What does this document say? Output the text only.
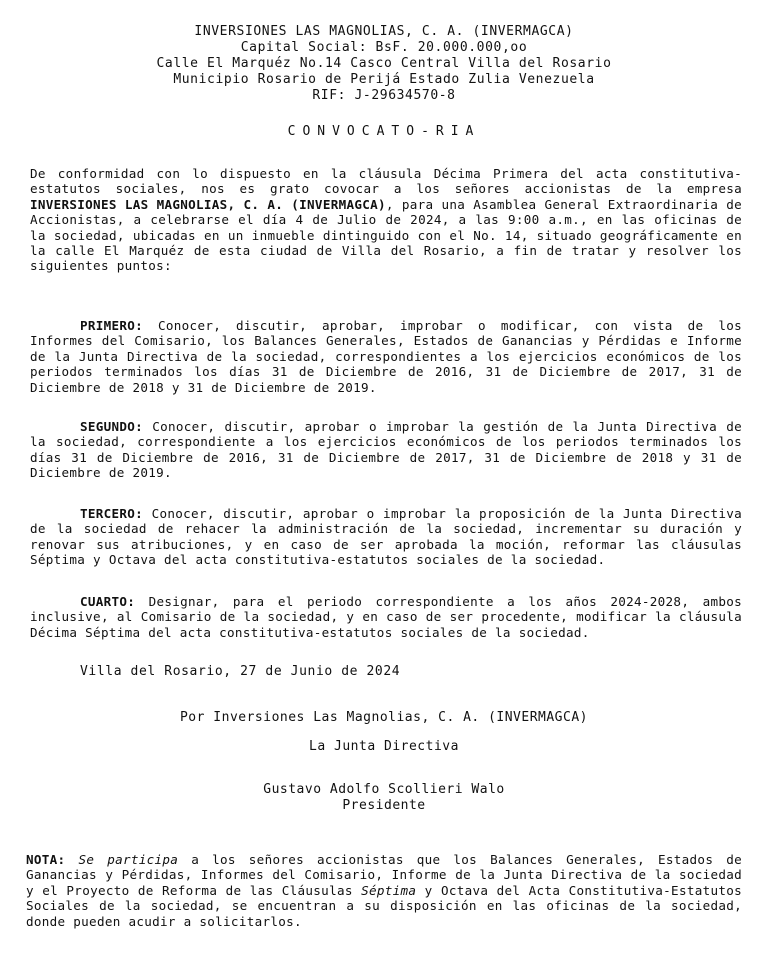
INVERSIONES LAS MAGNOLIAS, C. A. (INVERMAGCA)
Capital Social: BsF. 20.000.000,oo
Calle El Marquéz No.14 Casco Central Villa del Rosario
Municipio Rosario de Perijá Estado Zulia Venezuela
RIF: J-29634570-8
CONVOCATO-RIA
De conformidad con lo dispuesto en la cláusula Décima Primera del acta constitutiva-estatutos sociales, nos es grato covocar a los señores accionistas de la empresa INVERSIONES LAS MAGNOLIAS, C. A. (INVERMAGCA), para una Asamblea General Extraordinaria de Accionistas, a celebrarse el día 4 de Julio de 2024, a las 9:00 a.m., en las oficinas de la sociedad, ubicadas en un inmueble dintinguido con el No. 14, situado geográficamente en la calle El Marquéz de esta ciudad de Villa del Rosario, a fin de tratar y resolver los siguientes puntos:
PRIMERO: Conocer, discutir, aprobar, improbar o modificar, con vista de los Informes del Comisario, los Balances Generales, Estados de Ganancias y Pérdidas e Informe de la Junta Directiva de la sociedad, correspondientes a los ejercicios económicos de los periodos terminados los días 31 de Diciembre de 2016, 31 de Diciembre de 2017, 31 de Diciembre de 2018 y 31 de Diciembre de 2019.
SEGUNDO: Conocer, discutir, aprobar o improbar la gestión de la Junta Directiva de la sociedad, correspondiente a los ejercicios económicos de los periodos terminados los días 31 de Diciembre de 2016, 31 de Diciembre de 2017, 31 de Diciembre de 2018 y 31 de Diciembre de 2019.
TERCERO: Conocer, discutir, aprobar o improbar la proposición de la Junta Directiva de la sociedad de rehacer la administración de la sociedad, incrementar su duración y renovar sus atribuciones, y en caso de ser aprobada la moción, reformar las cláusulas Séptima y Octava del acta constitutiva-estatutos sociales de la sociedad.
CUARTO: Designar, para el periodo correspondiente a los años 2024-2028, ambos inclusive, al Comisario de la sociedad, y en caso de ser procedente, modificar la cláusula Décima Séptima del acta constitutiva-estatutos sociales de la sociedad.
Villa del Rosario, 27 de Junio de 2024
Por Inversiones Las Magnolias, C. A. (INVERMAGCA)
La Junta Directiva
Gustavo Adolfo Scollieri Walo
Presidente
NOTA: Se participa a los señores accionistas que los Balances Generales, Estados de Ganancias y Pérdidas, Informes del Comisario, Informe de la Junta Directiva de la sociedad y el Proyecto de Reforma de las Cláusulas Séptima y Octava del Acta Constitutiva-Estatutos Sociales de la sociedad, se encuentran a su disposición en las oficinas de la sociedad, donde pueden acudir a solicitarlos.
